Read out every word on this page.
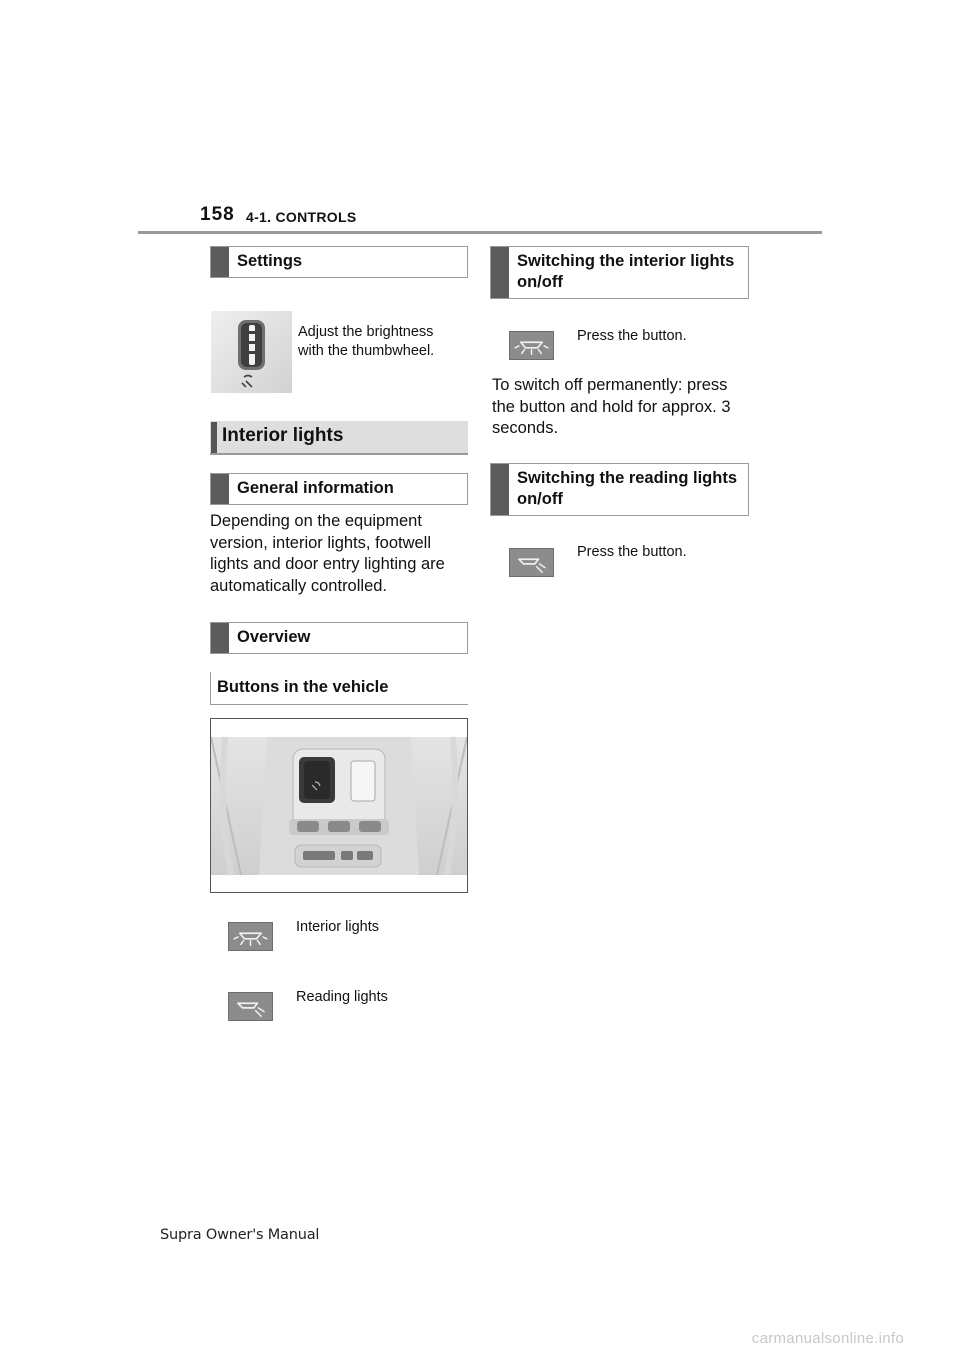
158 4-1. CONTROLS
Settings
Adjust the brightness with the thumbwheel.
Interior lights
General information
Depending on the equipment version, interior lights, footwell lights and door entry lighting are automatically controlled.
Overview
Buttons in the vehicle
Interior lights
Reading lights
Switching the interior lights on/off
Press the button.
To switch off permanently: press the button and hold for approx. 3 seconds.
Switching the reading lights on/off
Press the button.
Supra Owner's Manual
carmanualsonline.info
